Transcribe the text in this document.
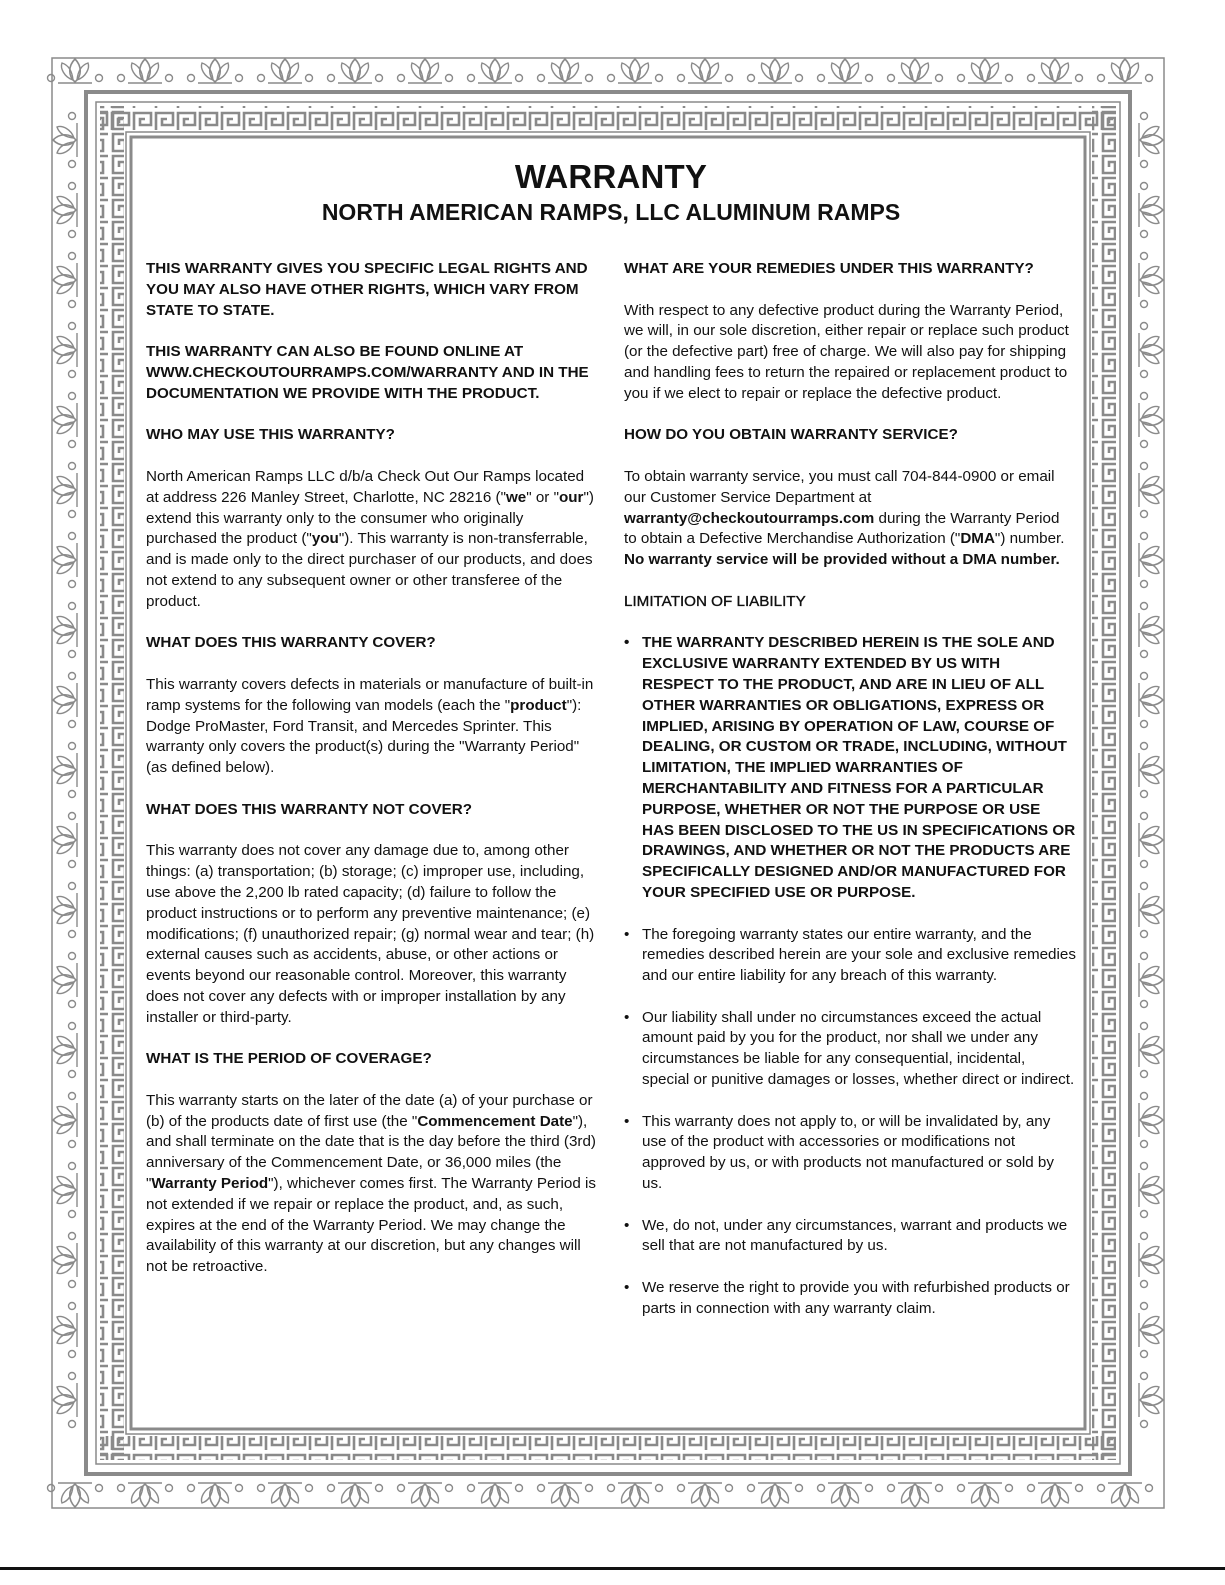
WARRANTY
NORTH AMERICAN RAMPS, LLC ALUMINUM RAMPS

THIS WARRANTY GIVES YOU SPECIFIC LEGAL RIGHTS AND YOU MAY ALSO HAVE OTHER RIGHTS, WHICH VARY FROM STATE TO STATE.

THIS WARRANTY CAN ALSO BE FOUND ONLINE AT WWW.CHECKOUTOURRAMPS.COM/WARRANTY AND IN THE DOCUMENTATION WE PROVIDE WITH THE PRODUCT.

WHO MAY USE THIS WARRANTY?

North American Ramps LLC d/b/a Check Out Our Ramps located at address 226 Manley Street, Charlotte, NC 28216 ("we" or "our") extend this warranty only to the consumer who originally purchased the product ("you"). This warranty is non-transferrable, and is made only to the direct purchaser of our products, and does not extend to any subsequent owner or other transferee of the product.

WHAT DOES THIS WARRANTY COVER?

This warranty covers defects in materials or manufacture of built-in ramp systems for the following van models (each the "product"): Dodge ProMaster, Ford Transit, and Mercedes Sprinter. This warranty only covers the product(s) during the "Warranty Period" (as defined below).

WHAT DOES THIS WARRANTY NOT COVER?

This warranty does not cover any damage due to, among other things: (a) transportation; (b) storage; (c) improper use, including, use above the 2,200 lb rated capacity; (d) failure to follow the product instructions or to perform any preventive maintenance; (e) modifications; (f) unauthorized repair; (g) normal wear and tear; (h) external causes such as accidents, abuse, or other actions or events beyond our reasonable control. Moreover, this warranty does not cover any defects with or improper installation by any installer or third-party.

WHAT IS THE PERIOD OF COVERAGE?

This warranty starts on the later of the date (a) of your purchase or (b) of the products date of first use (the "Commencement Date"), and shall terminate on the date that is the day before the third (3rd) anniversary of the Commencement Date, or 36,000 miles (the "Warranty Period"), whichever comes first. The Warranty Period is not extended if we repair or replace the product, and, as such, expires at the end of the Warranty Period. We may change the availability of this warranty at our discretion, but any changes will not be retroactive.

WHAT ARE YOUR REMEDIES UNDER THIS WARRANTY?

With respect to any defective product during the Warranty Period, we will, in our sole discretion, either repair or replace such product (or the defective part) free of charge. We will also pay for shipping and handling fees to return the repaired or replacement product to you if we elect to repair or replace the defective product.

HOW DO YOU OBTAIN WARRANTY SERVICE?

To obtain warranty service, you must call 704-844-0900 or email our Customer Service Department at warranty@checkoutourramps.com during the Warranty Period to obtain a Defective Merchandise Authorization ("DMA") number. No warranty service will be provided without a DMA number.

LIMITATION OF LIABILITY

• THE WARRANTY DESCRIBED HEREIN IS THE SOLE AND EXCLUSIVE WARRANTY EXTENDED BY US WITH RESPECT TO THE PRODUCT, AND ARE IN LIEU OF ALL OTHER WARRANTIES OR OBLIGATIONS, EXPRESS OR IMPLIED, ARISING BY OPERATION OF LAW, COURSE OF DEALING, OR CUSTOM OR TRADE, INCLUDING, WITHOUT LIMITATION, THE IMPLIED WARRANTIES OF MERCHANTABILITY AND FITNESS FOR A PARTICULAR PURPOSE, WHETHER OR NOT THE PURPOSE OR USE HAS BEEN DISCLOSED TO THE US IN SPECIFICATIONS OR DRAWINGS, AND WHETHER OR NOT THE PRODUCTS ARE SPECIFICALLY DESIGNED AND/OR MANUFACTURED FOR YOUR SPECIFIED USE OR PURPOSE.
• The foregoing warranty states our entire warranty, and the remedies described herein are your sole and exclusive remedies and our entire liability for any breach of this warranty.
• Our liability shall under no circumstances exceed the actual amount paid by you for the product, nor shall we under any circumstances be liable for any consequential, incidental, special or punitive damages or losses, whether direct or indirect.
• This warranty does not apply to, or will be invalidated by, any use of the product with accessories or modifications not approved by us, or with products not manufactured or sold by us.
• We, do not, under any circumstances, warrant and products we sell that are not manufactured by us.
• We reserve the right to provide you with refurbished products or parts in connection with any warranty claim.
